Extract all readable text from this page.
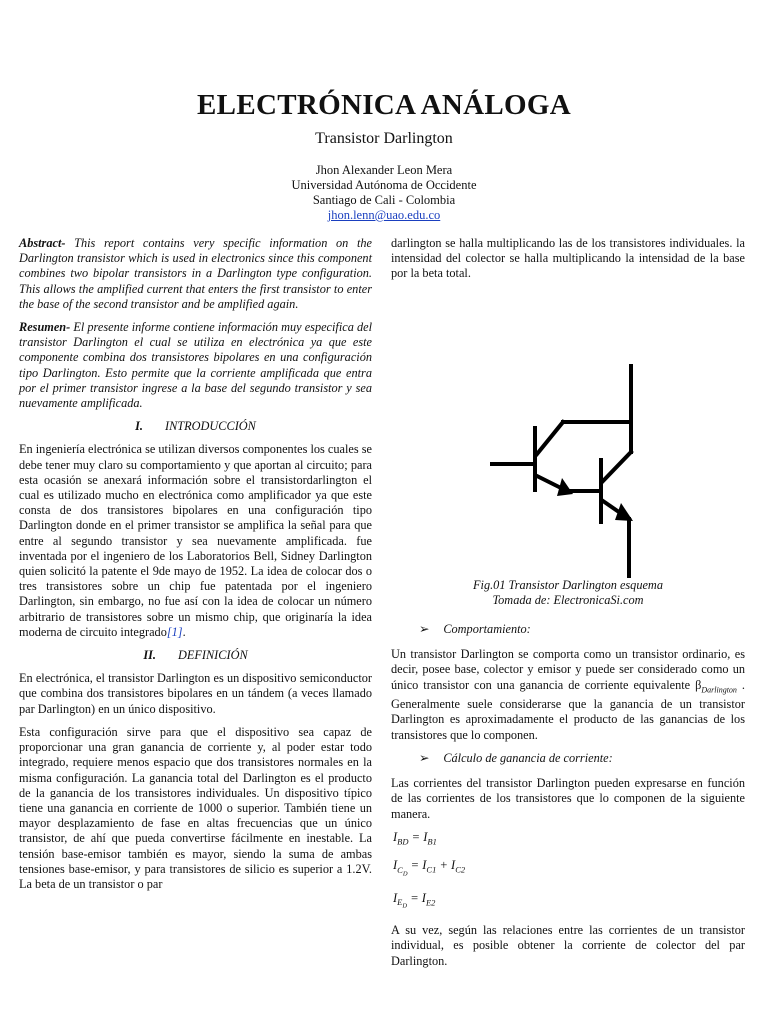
ELECTRÓNICA ANÁLOGA
Transistor Darlington
Jhon Alexander Leon Mera
Universidad Autónoma de Occidente
Santiago de Cali - Colombia
jhon.lenn@uao.edu.co

Abstract- This report contains very specific information on the Darlington transistor which is used in electronics since this component combines two bipolar transistors in a Darlington type configuration. This allows the amplified current that enters the first transistor to enter the base of the second transistor and be amplified again.

Resumen- El presente informe contiene información muy especifica del transistor Darlington el cual se utiliza en electrónica ya que este componente combina dos transistores bipolares en una configuración tipo Darlington. Esto permite que la corriente amplificada que entra por el primer transistor ingrese a la base del segundo transistor y sea nuevamente amplificada.

I. INTRODUCCIÓN

En ingeniería electrónica se utilizan diversos componentes los cuales se debe tener muy claro su comportamiento y que aportan al circuito; para esta ocasión se anexará información sobre el transistordarlington el cual es utilizado mucho en electrónica como amplificador ya que este consta de dos transistores bipolares en una configuración tipo Darlington donde en el primer transistor se amplifica la señal para que entre al segundo transistor y sea nuevamente amplificada. fue inventada por el ingeniero de los Laboratorios Bell, Sidney Darlington quien solicitó la patente el 9de mayo de 1952. La idea de colocar dos o tres transistores sobre un chip fue patentada por el ingeniero Darlington, sin embargo, no fue así con la idea de colocar un número arbitrario de transistores sobre un mismo chip, que originaría la idea moderna de circuito integrado[1].

II. DEFINICIÓN

En electrónica, el transistor Darlington es un dispositivo semiconductor que combina dos transistores bipolares en un tándem (a veces llamado par Darlington) en un único dispositivo.

Esta configuración sirve para que el dispositivo sea capaz de proporcionar una gran ganancia de corriente y, al poder estar todo integrado, requiere menos espacio que dos transistores normales en la misma configuración. La ganancia total del Darlington es el producto de la ganancia de los transistores individuales. Un dispositivo típico tiene una ganancia en corriente de 1000 o superior. También tiene un mayor desplazamiento de fase en altas frecuencias que un único transistor, de ahí que pueda convertirse fácilmente en inestable. La tensión base-emisor también es mayor, siendo la suma de ambas tensiones base-emisor, y para transistores de silicio es superior a 1.2V. La beta de un transistor o par

darlington se halla multiplicando las de los transistores individuales. la intensidad del colector se halla multiplicando la intensidad de la base por la beta total.

Fig.01 Transistor Darlington esquema
Tomada de: ElectronicaSi.com
➢ Comportamiento:

Un transistor Darlington se comporta como un transistor ordinario, es decir, posee base, colector y emisor y puede ser considerado como un único transistor con una ganancia de corriente equivalente $\beta_{Darlington}$ . Generalmente suele considerarse que la ganancia de un transistor Darlington es aproximadamente el producto de las ganancias de los transistores que lo componen.

➢ Cálculo de ganancia de corriente:

Las corrientes del transistor Darlington pueden expresarse en función de las corrientes de los transistores que lo componen de la siguiente manera.

$I_{BD} = I_{B1}$
$I_{C_D} = I_{C1} + I_{C2}$
$I_{E_D} = I_{E2}$

A su vez, según las relaciones entre las corrientes de un transistor individual, es posible obtener la corriente de colector del par Darlington.
